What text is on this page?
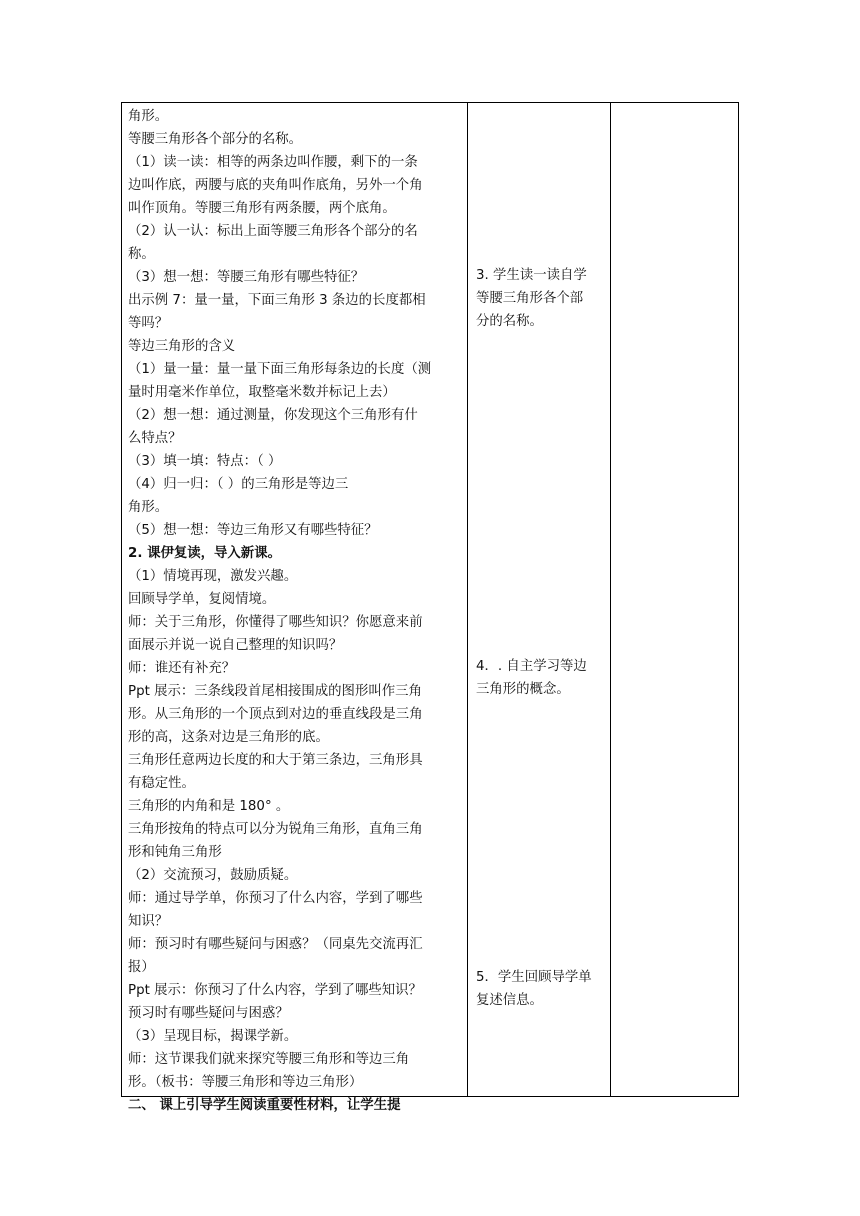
角形。
等腰三角形各个部分的名称。
（1）读一读：相等的两条边叫作腰，剩下的一条
边叫作底，两腰与底的夹角叫作底角，另外一个角
叫作顶角。等腰三角形有两条腰，两个底角。
（2）认一认：标出上面等腰三角形各个部分的名
称。
（3）想一想：等腰三角形有哪些特征？
出示例 7：量一量，下面三角形 3 条边的长度都相
等吗？
等边三角形的含义
（1）量一量：量一量下面三角形每条边的长度（测
量时用毫米作单位，取整毫米数并标记上去）
（2）想一想：通过测量，你发现这个三角形有什
么特点？
（3）填一填：特点：（ ）
（4）归一归：（ ）的三角形是等边三
角形。
（5）想一想：等边三角形又有哪些特征？
2. 课伊复读，导入新课。
（1）情境再现，激发兴趣。
回顾导学单，复阅情境。
师：关于三角形，你懂得了哪些知识？你愿意来前
面展示并说一说自己整理的知识吗？
师：谁还有补充？
Ppt 展示：三条线段首尾相接围成的图形叫作三角
形。从三角形的一个顶点到对边的垂直线段是三角
形的高，这条对边是三角形的底。
三角形任意两边长度的和大于第三条边，三角形具
有稳定性。
三角形的内角和是 180° 。
三角形按角的特点可以分为锐角三角形，直角三角
形和钝角三角形
（2）交流预习，鼓励质疑。
师：通过导学单，你预习了什么内容，学到了哪些
知识？
师：预习时有哪些疑问与困惑？（同桌先交流再汇
报）
Ppt 展示：你预习了什么内容，学到了哪些知识？
预习时有哪些疑问与困惑？
（3）呈现目标，揭课学新。
师：这节课我们就来探究等腰三角形和等边三角
形。（板书：等腰三角形和等边三角形）
二、 课上引导学生阅读重要性材料，让学生提
3. 学生读一读自学
等腰三角形各个部
分的名称。
4．. 自主学习等边
三角形的概念。
5．学生回顾导学单
复述信息。
